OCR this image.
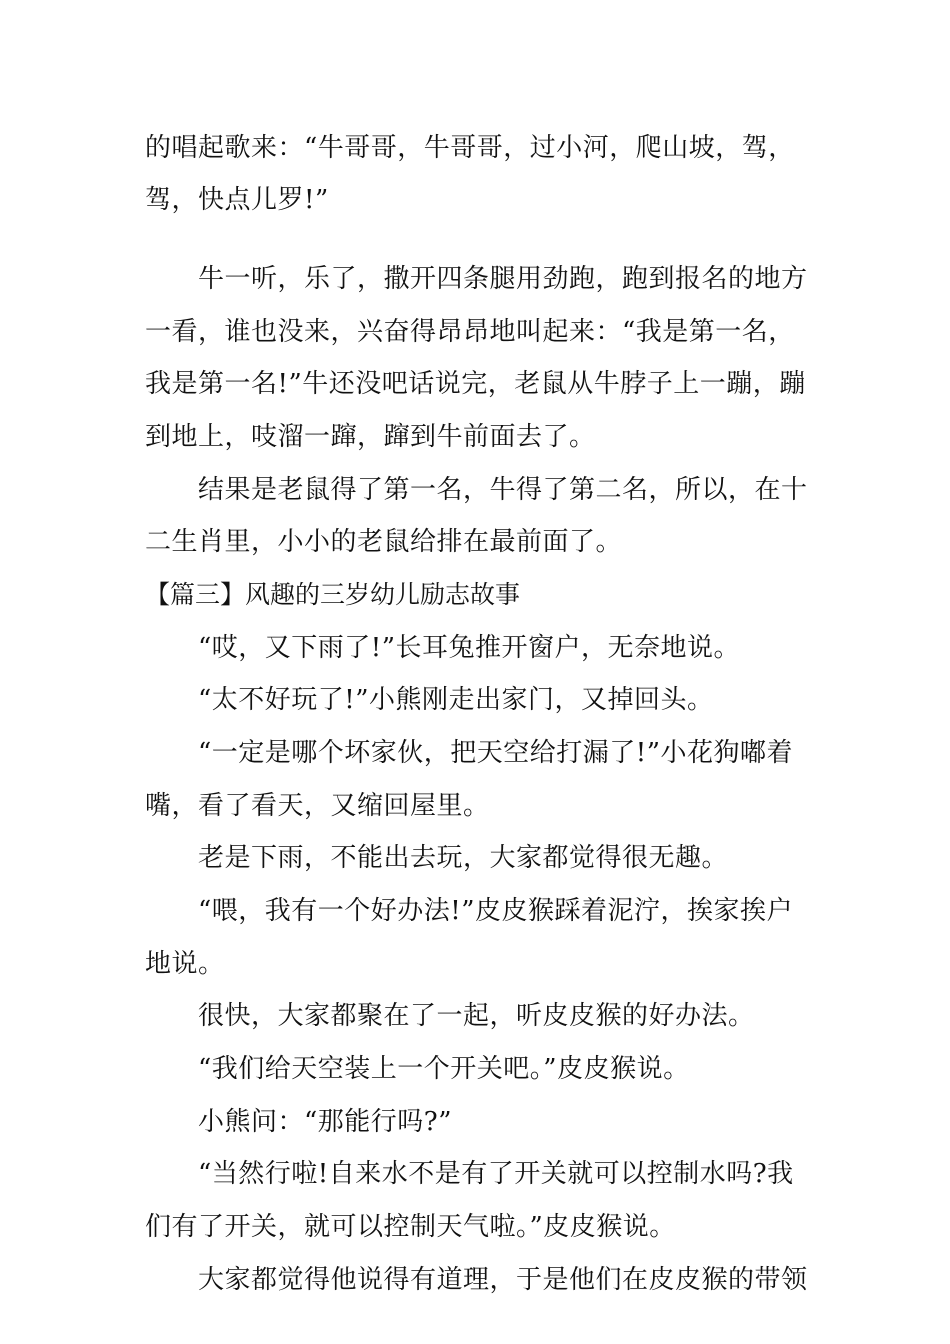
的唱起歌来：“牛哥哥，牛哥哥，过小河，爬山坡，驾，
驾，快点儿罗!”
牛一听，乐了，撒开四条腿用劲跑，跑到报名的地方
一看，谁也没来，兴奋得昂昂地叫起来：“我是第一名，
我是第一名!”牛还没吧话说完，老鼠从牛脖子上一蹦，蹦
到地上，吱溜一蹿，蹿到牛前面去了。
结果是老鼠得了第一名，牛得了第二名，所以，在十
二生肖里，小小的老鼠给排在最前面了。
【篇三】风趣的三岁幼儿励志故事
“哎，又下雨了!”长耳兔推开窗户，无奈地说。
“太不好玩了!”小熊刚走出家门，又掉回头。
“一定是哪个坏家伙，把天空给打漏了!”小花狗嘟着
嘴，看了看天，又缩回屋里。
老是下雨，不能出去玩，大家都觉得很无趣。
“喂，我有一个好办法!”皮皮猴踩着泥泞，挨家挨户
地说。
很快，大家都聚在了一起，听皮皮猴的好办法。
“我们给天空装上一个开关吧。”皮皮猴说。
小熊问：“那能行吗?”
“当然行啦!自来水不是有了开关就可以控制水吗?我
们有了开关，就可以控制天气啦。”皮皮猴说。
大家都觉得他说得有道理，于是他们在皮皮猴的带领
